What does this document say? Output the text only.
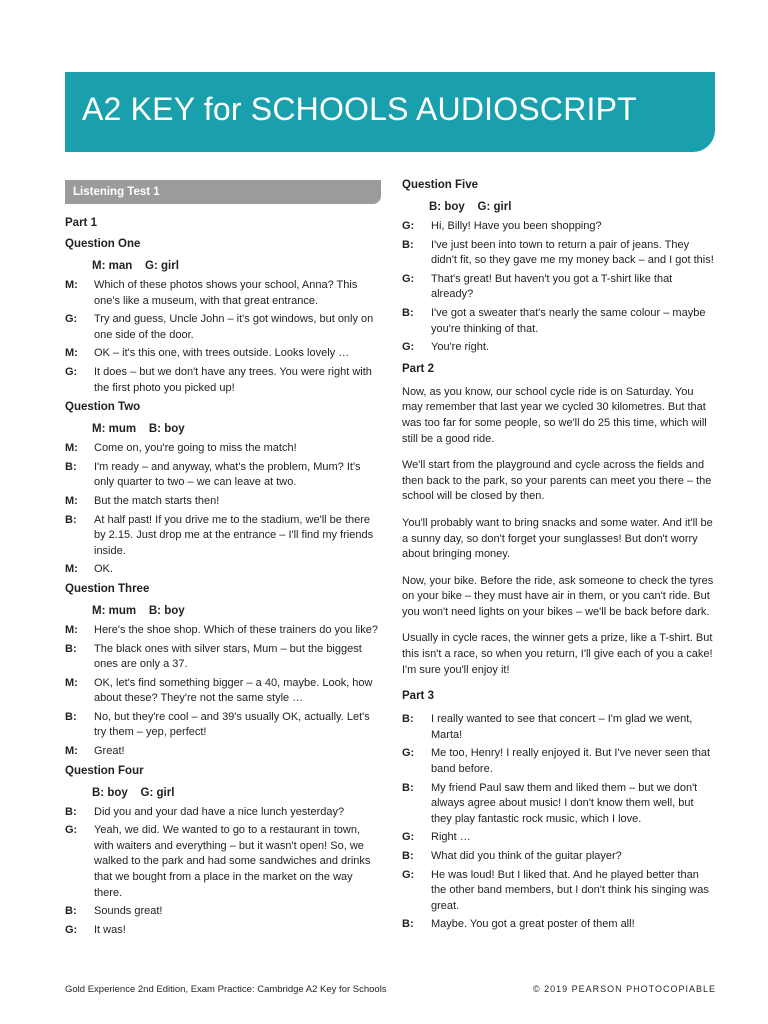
A2 KEY for SCHOOLS AUDIOSCRIPT
Listening Test 1
Part 1
Question One
M: man    G: girl
M:	Which of these photos shows your school, Anna? This one's like a museum, with that great entrance.
G:	Try and guess, Uncle John – it's got windows, but only on one side of the door.
M:	OK – it's this one, with trees outside. Looks lovely …
G:	It does – but we don't have any trees. You were right with the first photo you picked up!
Question Two
M: mum    B: boy
M:	Come on, you're going to miss the match!
B:	I'm ready – and anyway, what's the problem, Mum? It's only quarter to two – we can leave at two.
M:	But the match starts then!
B:	At half past! If you drive me to the stadium, we'll be there by 2.15. Just drop me at the entrance – I'll find my friends inside.
M:	OK.
Question Three
M: mum    B: boy
M:	Here's the shoe shop. Which of these trainers do you like?
B:	The black ones with silver stars, Mum – but the biggest ones are only a 37.
M:	OK, let's find something bigger – a 40, maybe. Look, how about these? They're not the same style …
B:	No, but they're cool – and 39's usually OK, actually. Let's try them – yep, perfect!
M:	Great!
Question Four
B: boy    G: girl
B:	Did you and your dad have a nice lunch yesterday?
G:	Yeah, we did. We wanted to go to a restaurant in town, with waiters and everything – but it wasn't open! So, we walked to the park and had some sandwiches and drinks that we bought from a place in the market on the way there.
B:	Sounds great!
G:	It was!
Question Five
B: boy    G: girl
G:	Hi, Billy! Have you been shopping?
B:	I've just been into town to return a pair of jeans. They didn't fit, so they gave me my money back – and I got this!
G:	That's great! But haven't you got a T-shirt like that already?
B:	I've got a sweater that's nearly the same colour – maybe you're thinking of that.
G:	You're right.
Part 2

Now, as you know, our school cycle ride is on Saturday. You may remember that last year we cycled 30 kilometres. But that was too far for some people, so we'll do 25 this time, which will still be a good ride.

We'll start from the playground and cycle across the fields and then back to the park, so your parents can meet you there – the school will be closed by then.

You'll probably want to bring snacks and some water. And it'll be a sunny day, so don't forget your sunglasses! But don't worry about bringing money.

Now, your bike. Before the ride, ask someone to check the tyres on your bike – they must have air in them, or you can't ride. But you won't need lights on your bikes – we'll be back before dark.

Usually in cycle races, the winner gets a prize, like a T-shirt. But this isn't a race, so when you return, I'll give each of you a cake! I'm sure you'll enjoy it!

Part 3
B:	I really wanted to see that concert – I'm glad we went, Marta!
G:	Me too, Henry! I really enjoyed it. But I've never seen that band before.
B:	My friend Paul saw them and liked them – but we don't always agree about music! I don't know them well, but they play fantastic rock music, which I love.
G:	Right …
B:	What did you think of the guitar player?
G:	He was loud! But I liked that. And he played better than the other band members, but I don't think his singing was great.
B:	Maybe. You got a great poster of them all!
Gold Experience 2nd Edition, Exam Practice: Cambridge A2 Key for Schools	© 2019 PEARSON PHOTOCOPIABLE
